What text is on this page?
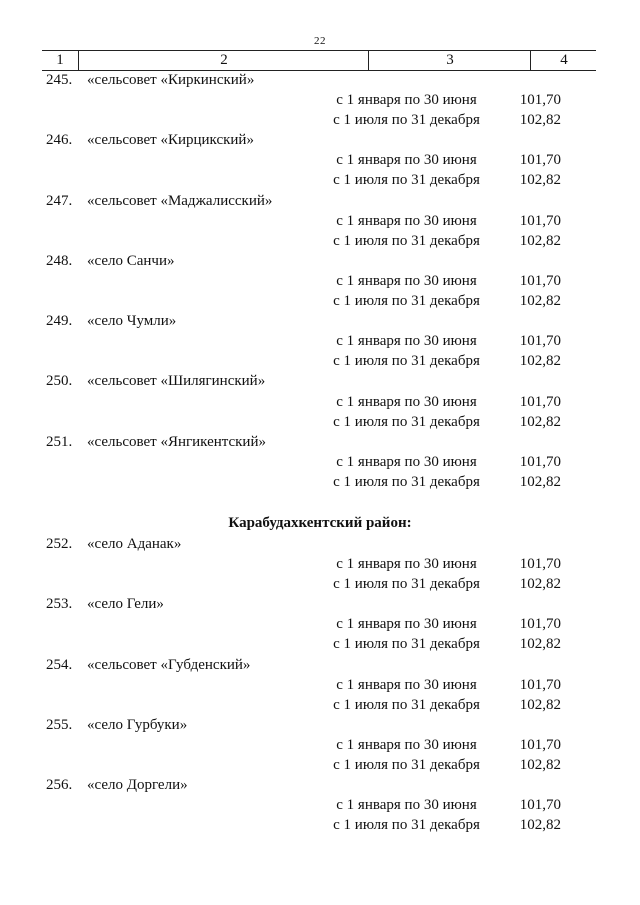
22
1	2	3	4
245. «сельсовет «Киркинский»
с 1 января по 30 июня	101,70
с 1 июля по 31 декабря	102,82
246. «сельсовет «Кирцикский»
с 1 января по 30 июня	101,70
с 1 июля по 31 декабря	102,82
247. «сельсовет «Маджалисский»
с 1 января по 30 июня	101,70
с 1 июля по 31 декабря	102,82
248. «село Санчи»
с 1 января по 30 июня	101,70
с 1 июля по 31 декабря	102,82
249. «село Чумли»
с 1 января по 30 июня	101,70
с 1 июля по 31 декабря	102,82
250. «сельсовет «Шилягинский»
с 1 января по 30 июня	101,70
с 1 июля по 31 декабря	102,82
251. «сельсовет «Янгикентский»
с 1 января по 30 июня	101,70
с 1 июля по 31 декабря	102,82
Карабудахкентский район:
252. «село Аданак»
с 1 января по 30 июня	101,70
с 1 июля по 31 декабря	102,82
253. «село Гели»
с 1 января по 30 июня	101,70
с 1 июля по 31 декабря	102,82
254. «сельсовет «Губденский»
с 1 января по 30 июня	101,70
с 1 июля по 31 декабря	102,82
255. «село Гурбуки»
с 1 января по 30 июня	101,70
с 1 июля по 31 декабря	102,82
256. «село Доргели»
с 1 января по 30 июня	101,70
с 1 июля по 31 декабря	102,82
